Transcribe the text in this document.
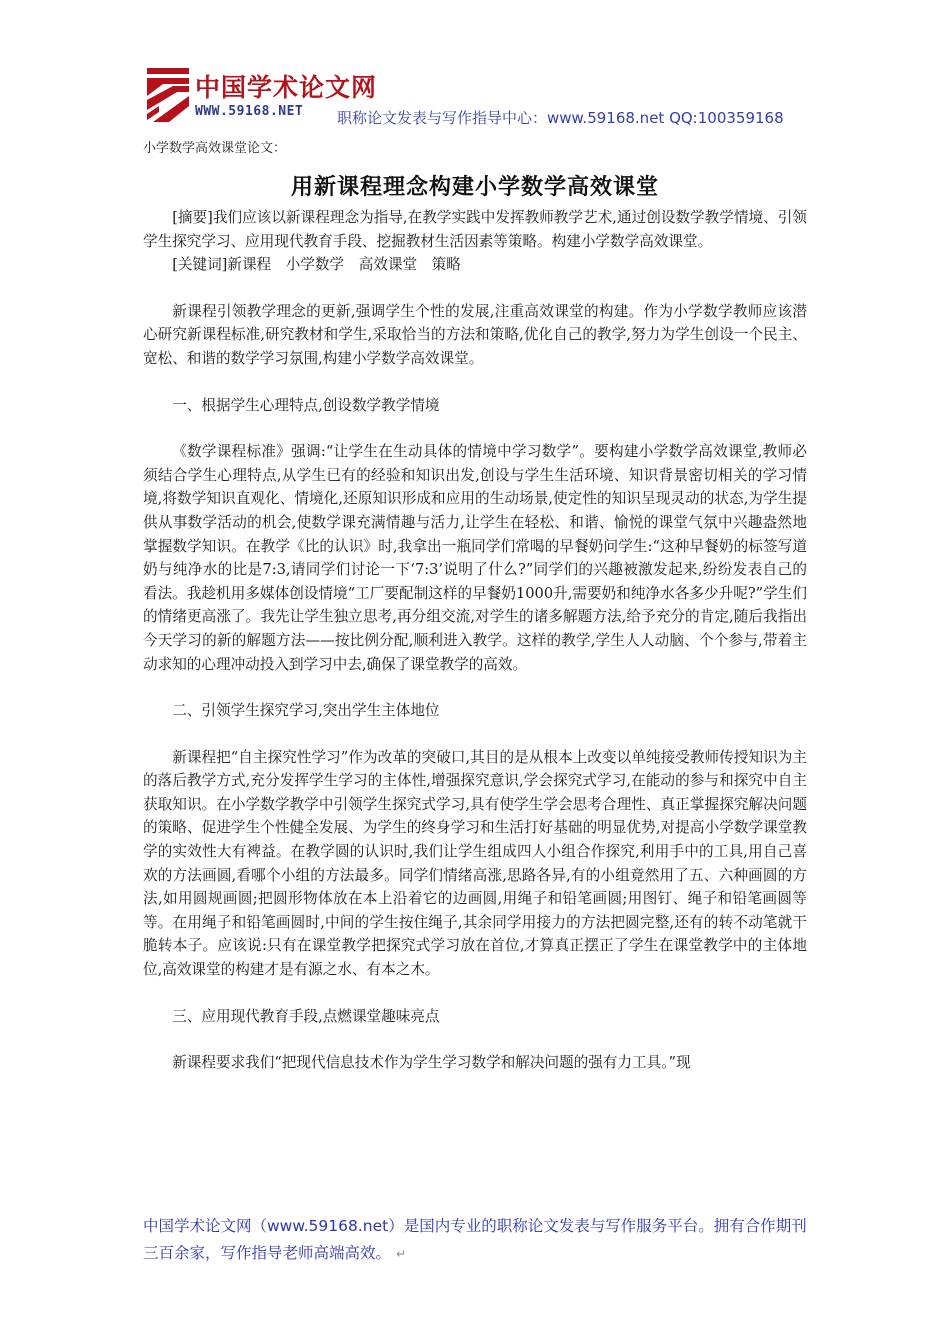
中国学术论文网
WWW.59168.NET 职称论文发表与写作指导中心：www.59168.net QQ:100359168
小学数学高效课堂论文：
用新课程理念构建小学数学高效课堂

[摘要]我们应该以新课程理念为指导,在教学实践中发挥教师教学艺术,通过创设数学教学情境、引领学生探究学习、应用现代教育手段、挖掘教材生活因素等策略。构建小学数学高效课堂。

[关键词]新课程　小学数学　高效课堂　策略

新课程引领教学理念的更新,强调学生个性的发展,注重高效课堂的构建。作为小学数学教师应该潜心研究新课程标准,研究教材和学生,采取恰当的方法和策略,优化自己的教学,努力为学生创设一个民主、宽松、和谐的数学学习氛围,构建小学数学高效课堂。

一、根据学生心理特点,创设数学教学情境

《数学课程标准》强调:“让学生在生动具体的情境中学习数学”。要构建小学数学高效课堂,教师必须结合学生心理特点,从学生已有的经验和知识出发,创设与学生生活环境、知识背景密切相关的学习情境,将数学知识直观化、情境化,还原知识形成和应用的生动场景,使定性的知识呈现灵动的状态,为学生提供从事数学活动的机会,使数学课充满情趣与活力,让学生在轻松、和谐、愉悦的课堂气氛中兴趣盎然地掌握数学知识。在教学《比的认识》时,我拿出一瓶同学们常喝的早餐奶问学生:“这种早餐奶的标签写道奶与纯净水的比是7:3,请同学们讨论一下‘7:3’说明了什么?”同学们的兴趣被激发起来,纷纷发表自己的看法。我趁机用多媒体创设情境“工厂要配制这样的早餐奶1000升,需要奶和纯净水各多少升呢?”学生们的情绪更高涨了。我先让学生独立思考,再分组交流,对学生的诸多解题方法,给予充分的肯定,随后我指出今天学习的新的解题方法——按比例分配,顺利进入教学。这样的教学,学生人人动脑、个个参与,带着主动求知的心理冲动投入到学习中去,确保了课堂教学的高效。

二、引领学生探究学习,突出学生主体地位

新课程把“自主探究性学习”作为改革的突破口,其目的是从根本上改变以单纯接受教师传授知识为主的落后教学方式,充分发挥学生学习的主体性,增强探究意识,学会探究式学习,在能动的参与和探究中自主获取知识。在小学数学教学中引领学生探究式学习,具有使学生学会思考合理性、真正掌握探究解决问题的策略、促进学生个性健全发展、为学生的终身学习和生活打好基础的明显优势,对提高小学数学课堂教学的实效性大有裨益。在教学圆的认识时,我们让学生组成四人小组合作探究,利用手中的工具,用自己喜欢的方法画圆,看哪个小组的方法最多。同学们情绪高涨,思路各异,有的小组竟然用了五、六种画圆的方法,如用圆规画圆;把圆形物体放在本上沿着它的边画圆,用绳子和铅笔画圆;用图钉、绳子和铅笔画圆等等。在用绳子和铅笔画圆时,中间的学生按住绳子,其余同学用接力的方法把圆完整,还有的转不动笔就干脆转本子。应该说:只有在课堂教学把探究式学习放在首位,才算真正摆正了学生在课堂教学中的主体地位,高效课堂的构建才是有源之水、有本之木。

三、应用现代教育手段,点燃课堂趣味亮点

新课程要求我们“把现代信息技术作为学生学习数学和解决问题的强有力工具。”现

中国学术论文网（www.59168.net）是国内专业的职称论文发表与写作服务平台。拥有合作期刊三百余家，写作指导老师高端高效。 ↵
